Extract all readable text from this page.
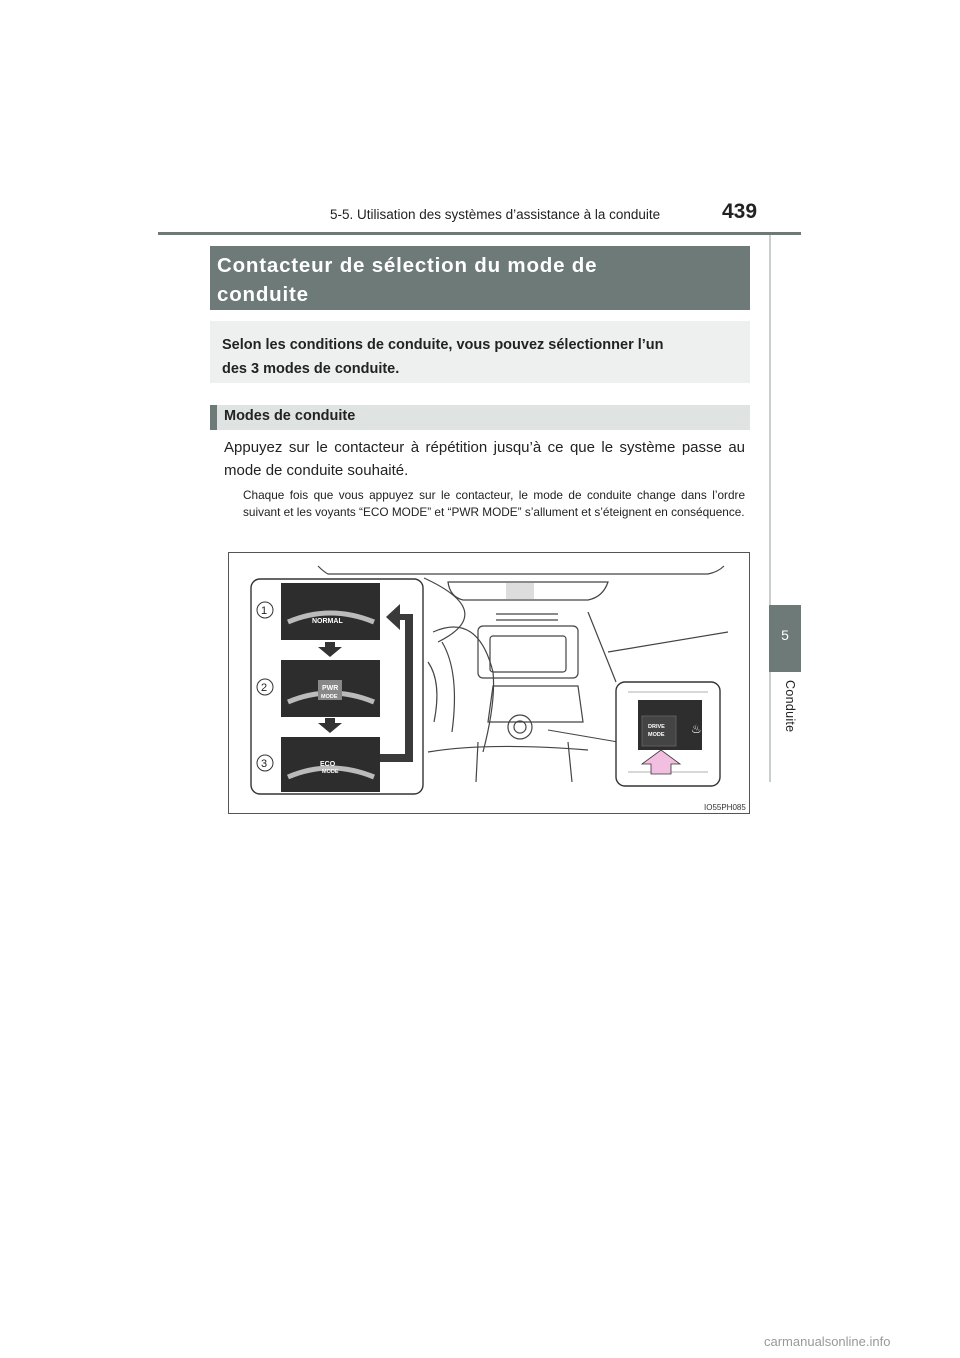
5-5. Utilisation des systèmes d’assistance à la conduite	439
5
Conduite
Contacteur de sélection du mode de
conduite
Selon les conditions de conduite, vous pouvez sélectionner l’un
des 3 modes de conduite.
Modes de conduite
Appuyez sur le contacteur à répétition jusqu’à ce que le système passe au mode de conduite souhaité.
Chaque fois que vous appuyez sur le contacteur, le mode de conduite change dans l’ordre suivant et les voyants “ECO MODE” et “PWR MODE” s’allument et s’éteignent en conséquence.
NORMAL
PWR
MODE
ECO
MODE
1
2
3
DRIVE
MODE ♨
IO55PH085
carmanualsonline.info
